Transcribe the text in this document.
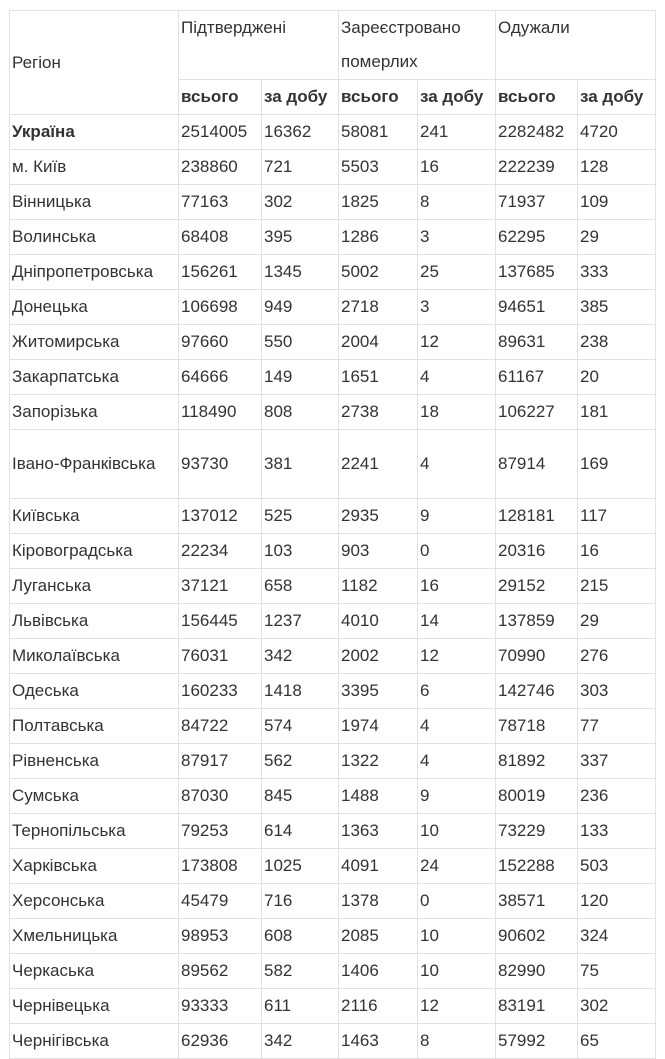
Регіон	Підтверджені		Зареєстровано померлих		Одужали	
	всього	за добу	всього	за добу	всього	за добу
Україна	2514005	16362	58081	241	2282482	4720
м. Київ	238860	721	5503	16	222239	128
Вінницька	77163	302	1825	8	71937	109
Волинська	68408	395	1286	3	62295	29
Дніпропетровська	156261	1345	5002	25	137685	333
Донецька	106698	949	2718	3	94651	385
Житомирська	97660	550	2004	12	89631	238
Закарпатська	64666	149	1651	4	61167	20
Запорізька	118490	808	2738	18	106227	181
Івано-Франківська	93730	381	2241	4	87914	169
Київська	137012	525	2935	9	128181	117
Кіровоградська	22234	103	903	0	20316	16
Луганська	37121	658	1182	16	29152	215
Львівська	156445	1237	4010	14	137859	29
Миколаївська	76031	342	2002	12	70990	276
Одеська	160233	1418	3395	6	142746	303
Полтавська	84722	574	1974	4	78718	77
Рівненська	87917	562	1322	4	81892	337
Сумська	87030	845	1488	9	80019	236
Тернопільська	79253	614	1363	10	73229	133
Харківська	173808	1025	4091	24	152288	503
Херсонська	45479	716	1378	0	38571	120
Хмельницька	98953	608	2085	10	90602	324
Черкаська	89562	582	1406	10	82990	75
Чернівецька	93333	611	2116	12	83191	302
Чернігівська	62936	342	1463	8	57992	65
